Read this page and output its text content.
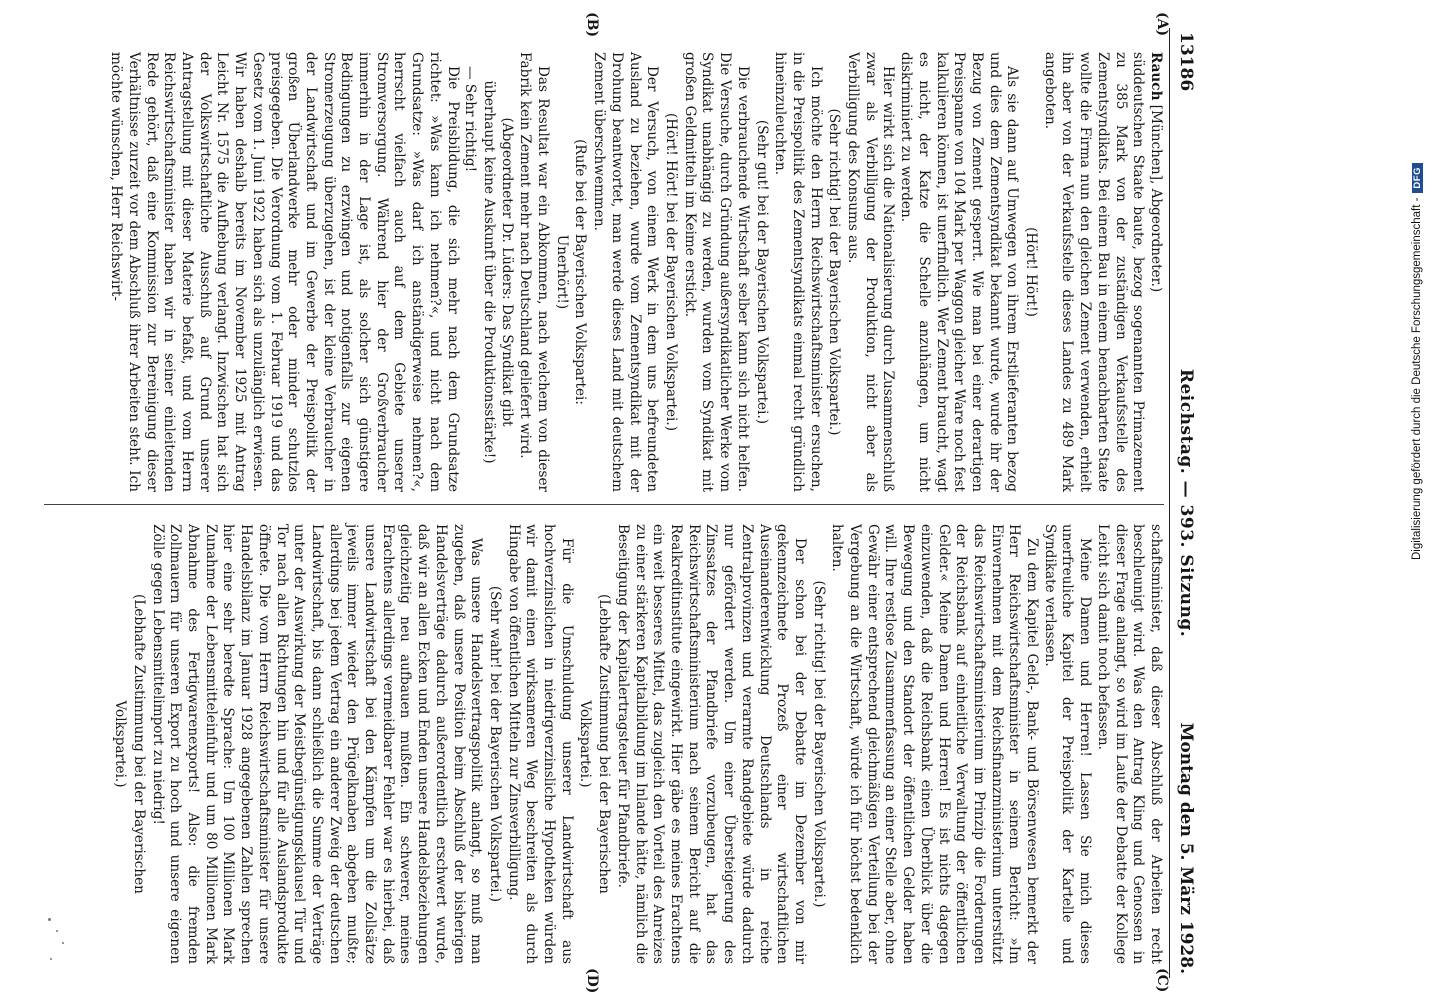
13186
Reichstag. — 393. Sitzung.
Montag den 5. März 1928.
(A)
(B)
(C)
(D)

Rauch [München], Abgeordneter.)

süddeutschen Staate baute, bezog sogenannten Primazement zu 385 Mark von der zuständigen Verkaufsstelle des Zementsyndikats. Bei einem Bau in einem benachbarten Staate wollte die Firma nun den gleichen Zement verwenden, erhielt ihn aber von der Verkaufsstelle dieses Landes zu 489 Mark angeboten.

(Hört! Hört!)

Als sie dann auf Umwegen von ihrem Erstlieferanten bezog und dies dem Zementsyndikat bekannt wurde, wurde ihr der Bezug von Zement gesperrt. Wie man bei einer derartigen Preisspanne von 104 Mark per Waggon gleicher Ware noch fest kalkulieren können, ist unerfindlich. Wer Zement braucht, wagt es nicht, der Katze die Schelle anzuhängen, um nicht diskriminiert zu werden.

Hier wirkt sich die Nationalisierung durch Zusammenschluß zwar als Verbilligung der Produktion, nicht aber als Verbilligung des Konsums aus.

(Sehr richtig! bei der Bayerischen Volkspartei.)

Ich möchte den Herrn Reichswirtschaftsminister ersuchen, in die Preispolitik des Zementsyndikats einmal recht gründlich hineinzuleuchten.

(Sehr gut! bei der Bayerischen Volkspartei.)

Die verbrauchende Wirtschaft selber kann sich nicht helfen. Die Versuche, durch Gründung außersyndikatlicher Werke vom Syndikat unabhängig zu werden, wurden vom Syndikat mit großen Geldmitteln im Keime erstickt.

(Hört! Hört! bei der Bayerischen Volkspartei.)

Der Versuch, von einem Werk in dem uns befreundeten Ausland zu beziehen, wurde vom Zementsyndikat mit der Drohung beantwortet, man werde dieses Land mit deutschem Zement überschwemmen.

(Rufe bei der Bayerischen Volkspartei:

Unerhört!)

Das Resultat war ein Abkommen, nach welchem von dieser Fabrik kein Zement mehr nach Deutschland geliefert wird.

(Abgeordneter Dr. Lüders: Das Syndikat gibt überhaupt keine Auskunft über die Produktionsstärke!)

— Sehr richtig!

Die Preisbildung, die sich mehr nach dem Grundsatze richtet: »Was kann ich nehmen?«, und nicht nach dem Grundsatze: »Was darf ich anständigerweise nehmen?«, herrscht vielfach auch auf dem Gebiete unserer Stromversorgung. Während hier der Großverbraucher immerhin in der Lage ist, als solcher sich günstigere Bedingungen zu erzwingen und notigenfalls zur eigenen Stromerzeugung überzugehen, ist der kleine Verbraucher in der Landwirtschaft und im Gewerbe der Preispolitik der großen Überlandwerke mehr oder minder schutzlos preisgegeben. Die Verordnung vom 1. Februar 1919 und das Gesetz vom 1. Juni 1922 haben sich als unzulänglich erwiesen. Wir haben deshalb bereits im November 1925 mit Antrag Leicht Nr. 1575 die Aufhebung verlangt. Inzwischen hat sich der Volkswirtschaftliche Ausschuß auf Grund unserer Antragstellung mit dieser Materie befaßt, und vom Herrn Reichswirtschaftsminister haben wir in seiner einleitenden Rede gehört, daß eine Kommission zur Bereinigung dieser Verhältnisse zurzeit vor dem Abschluß ihrer Arbeiten steht. Ich möchte wünschen, Herr Reichswirt-

schaftsminister, daß dieser Abschluß der Arbeiten recht beschleunigt wird. Was den Antrag Kling und Genossen in dieser Frage anlangt, so wird im Laufe der Debatte der Kollege Leicht sich damit noch befassen.

Meine Damen und Herren! Lassen Sie mich dieses unerfreuliche Kapitel der Preispolitik der Kartelle und Syndikate verlassen.

Zu dem Kapitel Geld-, Bank- und Börsenwesen bemerkt der Herr Reichswirtschaftsminister in seinem Bericht: »Im Einvernehmen mit dem Reichsfinanzministerium unterstützt das Reichswirtschaftsministerium im Prinzip die Forderungen der Reichsbank auf einheitliche Verwaltung der öffentlichen Gelder.« Meine Damen und Herren! Es ist nichts dagegen einzuwenden, daß die Reichsbank einen Überblick über die Bewegung und den Standort der öffentlichen Gelder haben will. Ihre restlose Zusammenfassung an einer Stelle aber, ohne Gewähr einer entsprechend gleichmäßigen Verteilung bei der Vergebung an die Wirtschaft, würde ich für höchst bedenklich halten.

(Sehr richtig! bei der Bayerischen Volkspartei.)

Der schon bei der Debatte im Dezember von mir gekennzeichnete Prozeß einer wirtschaftlichen Auseinanderentwicklung Deutschlands in reiche Zentralprovinzen und verarmte Randgebiete würde dadurch nur gefördert werden. Um einer Übersteigerung des Zinssatzes der Pfandbriefe vorzubeugen, hat das Reichswirtschaftsministerium nach seinem Bericht auf die Realkreditinstitute eingewirkt. Hier gäbe es meines Erachtens ein weit besseres Mittel, das zugleich den Vorteil des Anreizes zu einer stärkeren Kapitalbildung im Inlande hätte, nämlich die Beseitigung der Kapitalertragsteuer für Pfandbriefe.

(Lebhafte Zustimmung bei der Bayerischen

Volkspartei.)

Für die Umschuldung unserer Landwirtschaft aus hochverzinslichen in niedrigverzinsliche Hypotheken würden wir damit einen wirksameren Weg beschreiten als durch Hingabe von öffentlichen Mitteln zur Zinsverbilligung.

(Sehr wahr! bei der Bayerischen Volkspartei.)

Was unsere Handelsvertragspolitik anlangt, so muß man zugeben, daß unsere Position beim Abschluß der bisherigen Handelsverträge dadurch außerordentlich erschwert wurde, daß wir an allen Ecken und Enden unsere Handelsbeziehungen gleichzeitig neu aufbauen mußten. Ein schwerer, meines Erachtens allerdings vermeidbarer Fehler war es hierbei, daß unsere Landwirtschaft bei den Kämpfen um die Zollsätze jeweils immer wieder den Prügelknaben abgeben mußte; allerdings bei jedem Vertrag ein anderer Zweig der deutschen Landwirtschaft, bis dann schließlich die Summe der Verträge unter der Auswirkung der Meistbegünstigungsklausel Tür und Tor nach allen Richtungen hin und für alle Auslandsprodukte öffnete. Die vom Herrn Reichswirtschaftsminister für unsere Handelsbilanz im Januar 1928 angegebenen Zahlen sprechen hier eine sehr beredte Sprache: Um 100 Millionen Mark Zunahme der Lebensmitteleinfuhr und um 80 Millionen Mark Abnahme des Fertigwarenexports! Also: die fremden Zollmauern für unseren Export zu hoch und unsere eigenen Zölle gegen Lebensmittelimport zu niedrig!

(Lebhafte Zustimmung bei der Bayerischen

Volkspartei.)

Digitalisierung gefördert durch die Deutsche Forschungsgemeinschaft -DFG
